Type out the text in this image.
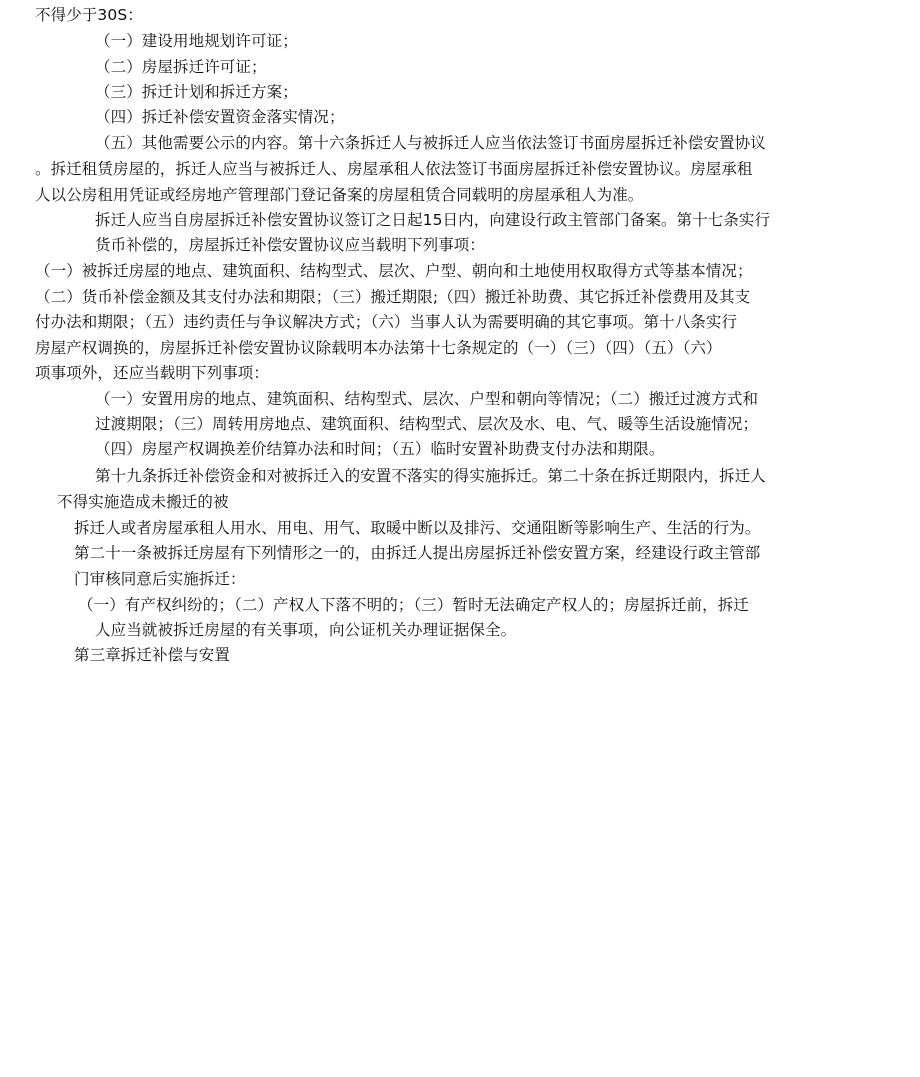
不得少于30S：
（一）建设用地规划许可证；
（二）房屋拆迁许可证；
（三）拆迁计划和拆迁方案；
（四）拆迁补偿安置资金落实情况；
（五）其他需要公示的内容。第十六条拆迁人与被拆迁人应当依法签订书面房屋拆迁补偿安置协议
。拆迁租赁房屋的，拆迁人应当与被拆迁人、房屋承租人依法签订书面房屋拆迁补偿安置协议。房屋承租
人以公房租用凭证或经房地产管理部门登记备案的房屋租赁合同载明的房屋承租人为准。
拆迁人应当自房屋拆迁补偿安置协议签订之日起15日内，向建设行政主管部门备案。第十七条实行
货币补偿的，房屋拆迁补偿安置协议应当载明下列事项：
（一）被拆迁房屋的地点、建筑面积、结构型式、层次、户型、朝向和土地使用权取得方式等基本情况；
（二）货币补偿金额及其支付办法和期限；（三）搬迁期限;（四）搬迁补助费、其它拆迁补偿费用及其支
付办法和期限；（五）违约责任与争议解决方式；（六）当事人认为需要明确的其它事项。第十八条实行
房屋产权调换的，房屋拆迁补偿安置协议除载明本办法第十七条规定的（一）（三）（四）（五）（六）
项事项外，还应当载明下列事项：
（一）安置用房的地点、建筑面积、结构型式、层次、户型和朝向等情况；（二）搬迁过渡方式和
过渡期限；（三）周转用房地点、建筑面积、结构型式、层次及水、电、气、暖等生活设施情况；
（四）房屋产权调换差价结算办法和时间；（五）临时安置补助费支付办法和期限。
第十九条拆迁补偿资金和对被拆迁入的安置不落实的得实施拆迁。第二十条在拆迁期限内，拆迁人
不得实施造成未搬迁的被
拆迁人或者房屋承租人用水、用电、用气、取暖中断以及排污、交通阻断等影响生产、生活的行为。
第二十一条被拆迁房屋有下列情形之一的，由拆迁人提出房屋拆迁补偿安置方案，经建设行政主管部
门审核同意后实施拆迁：
（一）有产权纠纷的；（二）产权人下落不明的；（三）暂时无法确定产权人的；房屋拆迁前，拆迁
人应当就被拆迁房屋的有关事项，向公证机关办理证据保全。
第三章拆迁补偿与安置
